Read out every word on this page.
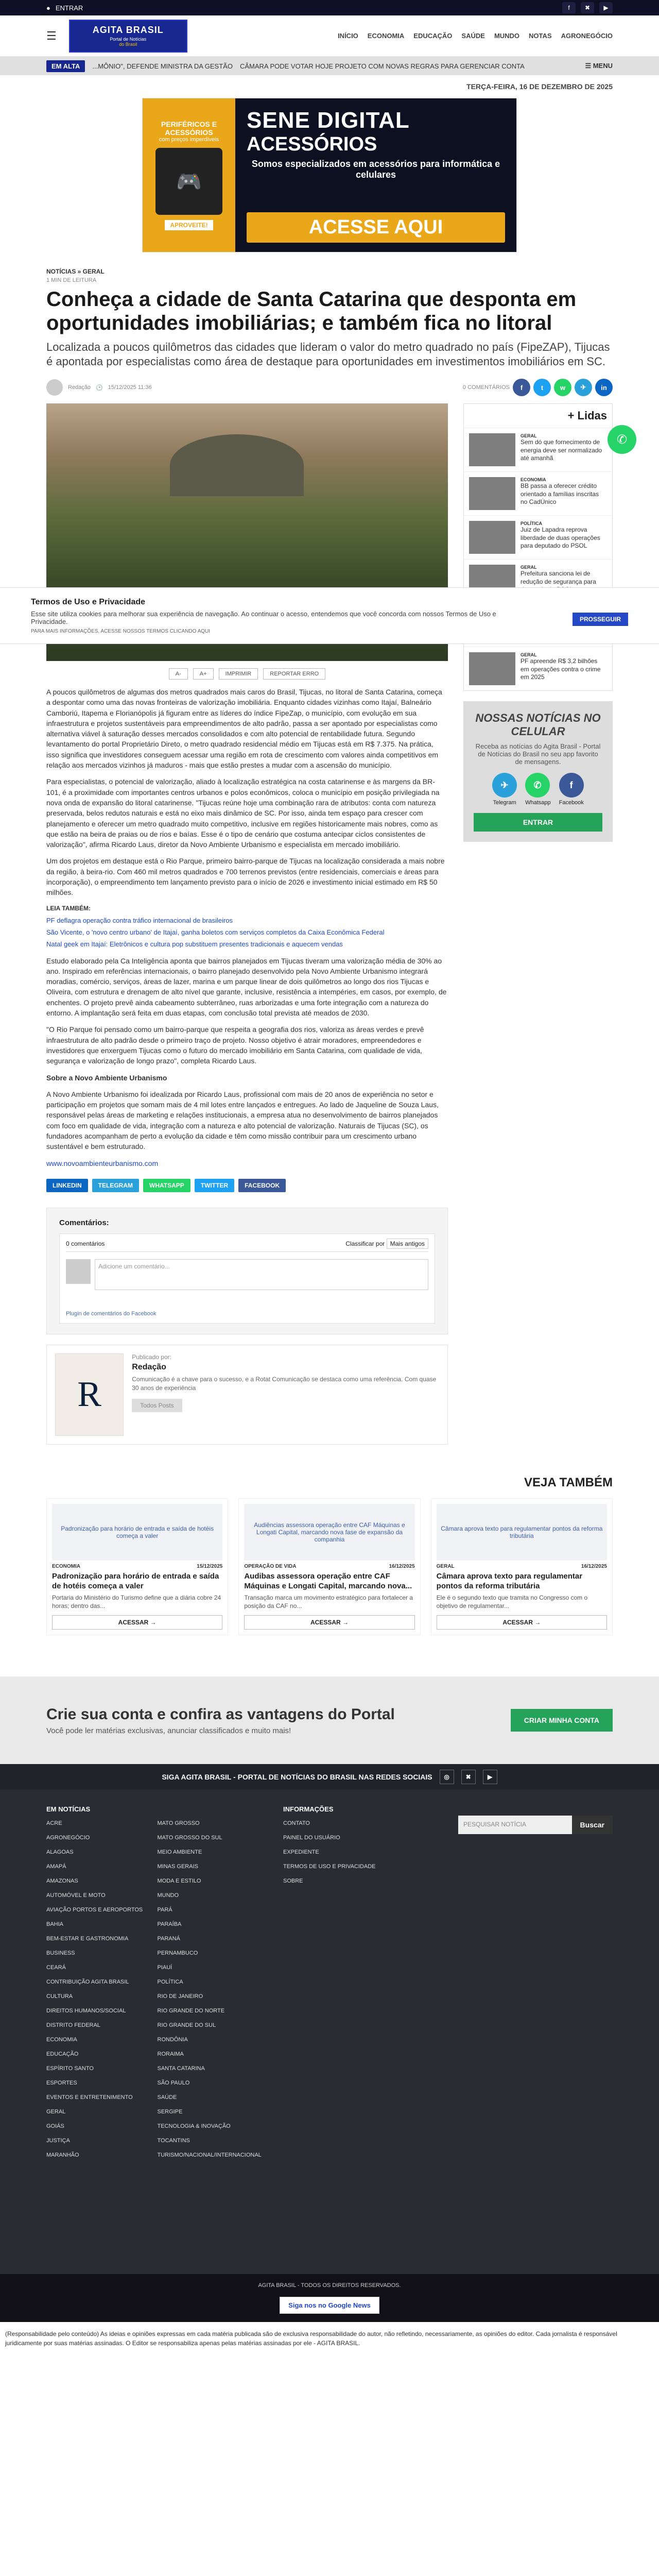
● ENTRAR	f	✖	▶
☰	AGITA BRASIL
Portal de Notícias
do Brasil
INÍCIO ECONOMIA EDUCAÇÃO SAÚDE MUNDO NOTAS AGRONEGÓCIO
EM ALTA	...MÔNIO", DEFENDE MINISTRA DA GESTÃO CÂMARA PODE VOTAR HOJE PROJETO COM NOVAS REGRAS PARA GERENCIAR CONTA	☰ MENU
TERÇA-FEIRA, 16 DE DEZEMBRO DE 2025
PERIFÉRICOS E ACESSÓRIOS
com preços imperdíveis
🎮
APROVEITE!
SENE DIGITAL
ACESSÓRIOS
Somos especializados em acessórios para informática e celulares
ACESSE AQUI
NOTÍCIAS » GERAL
1 MIN DE LEITURA
Conheça a cidade de Santa Catarina que desponta em oportunidades imobiliárias; e também fica no litoral

Localizada a poucos quilômetros das cidades que lideram o valor do metro quadrado no país (FipeZAP), Tijucas é apontada por especialistas como área de destaque para oportunidades em investimentos imobiliários em SC.

Redação 🕑 15/12/2025 11:36	0 COMENTÁRIOS	f	t	w	✈	in
A-	A+	IMPRIMIR	REPORTAR ERRO

A poucos quilômetros de algumas dos metros quadrados mais caros do Brasil, Tijucas, no litoral de Santa Catarina, começa a despontar como uma das novas fronteiras de valorização imobiliária. Enquanto cidades vizinhas como Itajaí, Balneário Camboriú, Itapema e Florianópolis já figuram entre as líderes do índice FipeZap, o município, com evolução em sua infraestrutura e projetos sustentáveis para empreendimentos de alto padrão, passa a ser apontado por especialistas como alternativa viável à saturação desses mercados consolidados e com alto potencial de rentabilidade futura. Segundo levantamento do portal Proprietário Direto, o metro quadrado residencial médio em Tijucas está em R$ 7.375. Na prática, isso significa que investidores conseguem acessar uma região em rota de crescimento com valores ainda competitivos em relação aos mercados vizinhos já maduros - mais que estão prestes a mudar com a ascensão do município.

Para especialistas, o potencial de valorização, aliado à localização estratégica na costa catarinense e às margens da BR-101, é a proximidade com importantes centros urbanos e polos econômicos, coloca o município em posição privilegiada na nova onda de expansão do litoral catarinense. "Tijucas reúne hoje uma combinação rara de atributos: conta com natureza preservada, belos redutos naturais e está no eixo mais dinâmico de SC. Por isso, ainda tem espaço para crescer com planejamento e oferecer um metro quadrado muito competitivo, inclusive em regiões historicamente mais nobres, como as que estão na beira de praias ou de rios e baías. Esse é o tipo de cenário que costuma antecipar ciclos consistentes de valorização", afirma Ricardo Laus, diretor da Novo Ambiente Urbanismo e especialista em mercado imobiliário.

Um dos projetos em destaque está o Rio Parque, primeiro bairro-parque de Tijucas na localização considerada a mais nobre da região, à beira-rio. Com 460 mil metros quadrados e 700 terrenos previstos (entre residenciais, comerciais e áreas para incorporação), o empreendimento tem lançamento previsto para o início de 2026 e investimento inicial estimado em R$ 50 milhões.

LEIA TAMBÉM:
PF deflagra operação contra tráfico internacional de brasileiros
São Vicente, o 'novo centro urbano' de Itajaí, ganha boletos com serviços completos da Caixa Econômica Federal
Natal geek em Itajaí: Eletrônicos e cultura pop substituem presentes tradicionais e aquecem vendas

Estudo elaborado pela Ca Inteligência aponta que bairros planejados em Tijucas tiveram uma valorização média de 30% ao ano. Inspirado em referências internacionais, o bairro planejado desenvolvido pela Novo Ambiente Urbanismo integrará moradias, comércio, serviços, áreas de lazer, marina e um parque linear de dois quilômetros ao longo dos rios Tijucas e Oliveira, com estrutura e drenagem de alto nível que garante, inclusive, resistência a intempéries, em casos, por exemplo, de enchentes. O projeto prevê ainda cabeamento subterrâneo, ruas arborizadas e uma forte integração com a natureza do entorno. A implantação será feita em duas etapas, com conclusão total prevista até meados de 2030.

"O Rio Parque foi pensado como um bairro-parque que respeita a geografia dos rios, valoriza as áreas verdes e prevê infraestrutura de alto padrão desde o primeiro traço de projeto. Nosso objetivo é atrair moradores, empreendedores e investidores que enxerguem Tijucas como o futuro do mercado imobiliário em Santa Catarina, com qualidade de vida, segurança e valorização de longo prazo", completa Ricardo Laus.

Sobre a Novo Ambiente Urbanismo

A Novo Ambiente Urbanismo foi idealizada por Ricardo Laus, profissional com mais de 20 anos de experiência no setor e participação em projetos que somam mais de 4 mil lotes entre lançados e entregues. Ao lado de Jaqueline de Souza Laus, responsável pelas áreas de marketing e relações institucionais, a empresa atua no desenvolvimento de bairros planejados com foco em qualidade de vida, integração com a natureza e alto potencial de valorização. Naturais de Tijucas (SC), os fundadores acompanham de perto a evolução da cidade e têm como missão contribuir para um crescimento urbano sustentável e bem estruturado.

www.novoambienteurbanismo.com

LINKEDIN	TELEGRAM	WHATSAPP	TWITTER	FACEBOOK
Comentários:
0 comentários	Classificar por Mais antigos
Adicione um comentário...
Plugin de comentários do Facebook
R
Publicado por:
Redação
Comunicação é a chave para o sucesso, e a Rotat Comunicação se destaca como uma referência. Com quase 30 anos de experiência
Todos Posts
+ Lidas
GERAL
Sem dó que fornecimento de energia deve ser normalizado até amanhã
ECONOMIA
BB passa a oferecer crédito orientado a famílias inscritas no CadÚnico
POLÍTICA
Juiz de Lapadra reprova liberdade de duas operações para deputado do PSOL
GERAL
Prefeitura sanciona lei de redução de segurança para
GERAL
PF apreende R$ 3,2 bilhões em operações contra o crime em 2025
NOSSAS NOTÍCIAS NO CELULAR

Receba as notícias do Agita Brasil - Portal de Notícias do Brasil no seu app favorito de mensagens.

✈
Telegram
✆
Whatsapp
f
Facebook
ENTRAR
Termos de Uso e Privacidade
Esse site utiliza cookies para melhorar sua experiência de navegação. Ao continuar o acesso, entendemos que você concorda com nossos Termos de Uso e Privacidade.
PARA MAIS INFORMAÇÕES, ACESSE NOSSOS TERMOS CLICANDO AQUI
PROSSEGUIR
✆
VEJA TAMBÉM
Padronização para horário de entrada e saída de hotéis começa a valer
ECONOMIA	15/12/2025
Padronização para horário de entrada e saída de hotéis começa a valer
Portaria do Ministério do Turismo define que a diária cobre 24 horas; dentro das...
ACESSAR →
Audiências assessora operação entre CAF Máquinas e Longati Capital, marcando nova fase de expansão da companhia
OPERAÇÃO DE VIDA	16/12/2025
Audibas assessora operação entre CAF Máquinas e Longati Capital, marcando nova...
Transação marca um movimento estratégico para fortalecer a posição da CAF no...
ACESSAR →
Câmara aprova texto para regulamentar pontos da reforma tributária
GERAL	16/12/2025
Câmara aprova texto para regulamentar pontos da reforma tributária
Ele é o segundo texto que tramita no Congresso com o objetivo de regulamentar...
ACESSAR →
Crie sua conta e confira as vantagens do Portal

Você pode ler matérias exclusivas, anunciar classificados e muito mais!

CRIAR MINHA CONTA
SIGA AGITA BRASIL - PORTAL DE NOTÍCIAS DO BRASIL NAS REDES SOCIAIS	◎	✖	▶
EM NOTÍCIAS
ACRE
AGRONEGÓCIO
ALAGOAS
AMAPÁ
AMAZONAS
AUTOMÓVEL E MOTO
AVIAÇÃO PORTOS E AEROPORTOS
BAHIA
BEM-ESTAR E GASTRONOMIA
BUSINESS
CEARÁ
CONTRIBUIÇÃO AGITA BRASIL
CULTURA
DIREITOS HUMANOS/SOCIAL
DISTRITO FEDERAL
ECONOMIA
EDUCAÇÃO
ESPÍRITO SANTO
ESPORTES
EVENTOS E ENTRETENIMENTO
GERAL
GOIÁS
JUSTIÇA
MARANHÃO
MATO GROSSO
MATO GROSSO DO SUL
MEIO AMBIENTE
MINAS GERAIS
MODA E ESTILO
MUNDO
PARÁ
PARAÍBA
PARANÁ
PERNAMBUCO
PIAUÍ
POLÍTICA
RIO DE JANEIRO
RIO GRANDE DO NORTE
RIO GRANDE DO SUL
RONDÔNIA
RORAIMA
SANTA CATARINA
SÃO PAULO
SAÚDE
SERGIPE
TECNOLOGIA & INOVAÇÃO
TOCANTINS
TURISMO/NACIONAL/INTERNACIONAL
INFORMAÇÕES
CONTATO
PAINEL DO USUÁRIO
EXPEDIENTE
TERMOS DE USO E PRIVACIDADE
SOBRE
PESQUISAR NOTÍCIA	Buscar
AGITA BRASIL - TODOS OS DIREITOS RESERVADOS.
Siga nos no Google News
(Responsabilidade pelo conteúdo) As ideias e opiniões expressas em cada matéria publicada são de exclusiva responsabilidade do autor, não refletindo, necessariamente, as opiniões do editor. Cada jornalista é responsável juridicamente por suas matérias assinadas. O Editor se responsabiliza apenas pelas matérias assinadas por ele - AGITA BRASIL.
